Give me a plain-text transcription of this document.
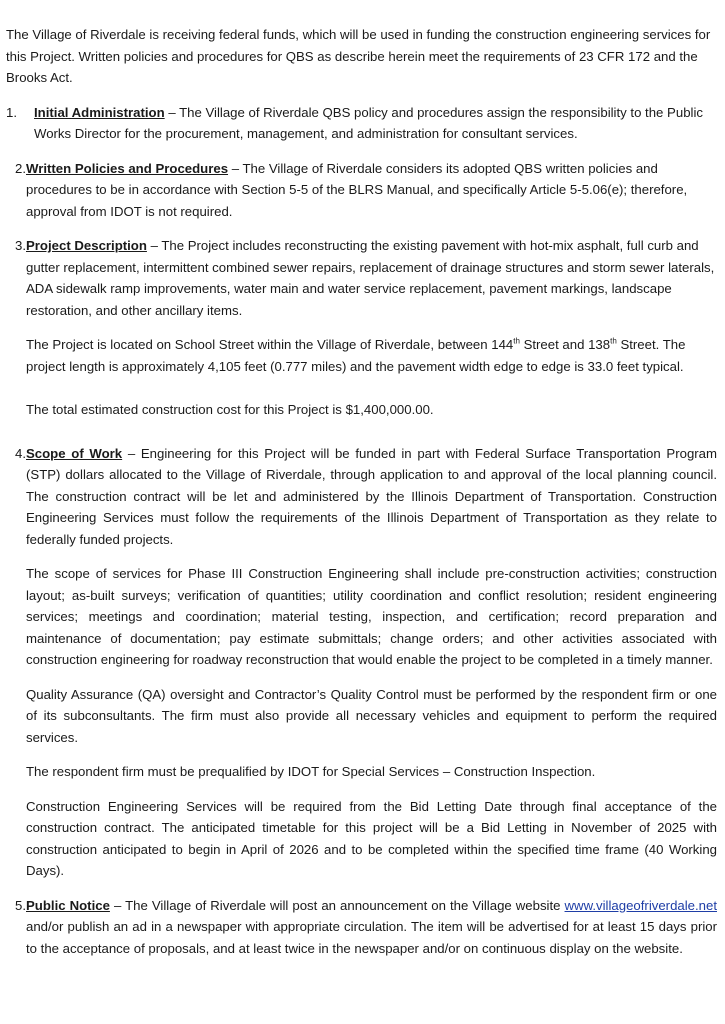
The Village of Riverdale is receiving federal funds, which will be used in funding the construction engineering services for this Project. Written policies and procedures for QBS as describe herein meet the requirements of 23 CFR 172 and the Brooks Act.

1.	Initial Administration – The Village of Riverdale QBS policy and procedures assign the responsibility to the Public Works Director for the procurement, management, and administration for consultant services.

2. Written Policies and Procedures – The Village of Riverdale considers its adopted QBS written policies and procedures to be in accordance with Section 5-5 of the BLRS Manual, and specifically Article 5-5.06(e); therefore, approval from IDOT is not required.

3. Project Description – The Project includes reconstructing the existing pavement with hot-mix asphalt, full curb and gutter replacement, intermittent combined sewer repairs, replacement of drainage structures and storm sewer laterals, ADA sidewalk ramp improvements, water main and water service replacement, pavement markings, landscape restoration, and other ancillary items.

The Project is located on School Street within the Village of Riverdale, between 144th Street and 138th Street. The project length is approximately 4,105 feet (0.777 miles) and the pavement width edge to edge is 33.0 feet typical.

The total estimated construction cost for this Project is $1,400,000.00.

4. Scope of Work – Engineering for this Project will be funded in part with Federal Surface Transportation Program (STP) dollars allocated to the Village of Riverdale, through application to and approval of the local planning council. The construction contract will be let and administered by the Illinois Department of Transportation. Construction Engineering Services must follow the requirements of the Illinois Department of Transportation as they relate to federally funded projects.

The scope of services for Phase III Construction Engineering shall include pre-construction activities; construction layout; as-built surveys; verification of quantities; utility coordination and conflict resolution; resident engineering services; meetings and coordination; material testing, inspection, and certification; record preparation and maintenance of documentation; pay estimate submittals; change orders; and other activities associated with construction engineering for roadway reconstruction that would enable the project to be completed in a timely manner.

Quality Assurance (QA) oversight and Contractor’s Quality Control must be performed by the respondent firm or one of its subconsultants. The firm must also provide all necessary vehicles and equipment to perform the required services.

The respondent firm must be prequalified by IDOT for Special Services – Construction Inspection.

Construction Engineering Services will be required from the Bid Letting Date through final acceptance of the construction contract. The anticipated timetable for this project will be a Bid Letting in November of 2025 with construction anticipated to begin in April of 2026 and to be completed within the specified time frame (40 Working Days).

5. Public Notice – The Village of Riverdale will post an announcement on the Village website www.villageofriverdale.net and/or publish an ad in a newspaper with appropriate circulation. The item will be advertised for at least 15 days prior to the acceptance of proposals, and at least twice in the newspaper and/or on continuous display on the website.
